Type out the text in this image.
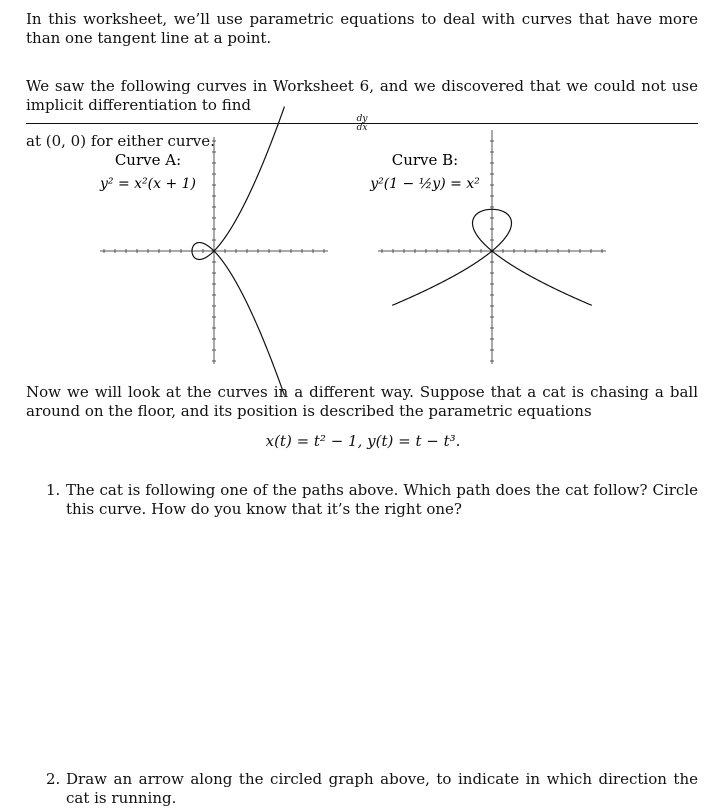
In this worksheet, we’ll use parametric equations to deal with curves that have more than one tangent line at a point.
We saw the following curves in Worksheet 6, and we discovered that we could not use implicit differentiation to find
dy
dx
at (0, 0) for either curve.
Curve A:
y² = x²(x + 1)
Curve B:
y²(1 − ½y) = x²
Now we will look at the curves in a different way. Suppose that a cat is chasing a ball around on the floor, and its position is described the parametric equations
x(t) = t² − 1, y(t) = t − t³.
1. The cat is following one of the paths above. Which path does the cat follow? Circle this curve. How do you know that it’s the right one?
2. Draw an arrow along the circled graph above, to indicate in which direction the cat is running.
